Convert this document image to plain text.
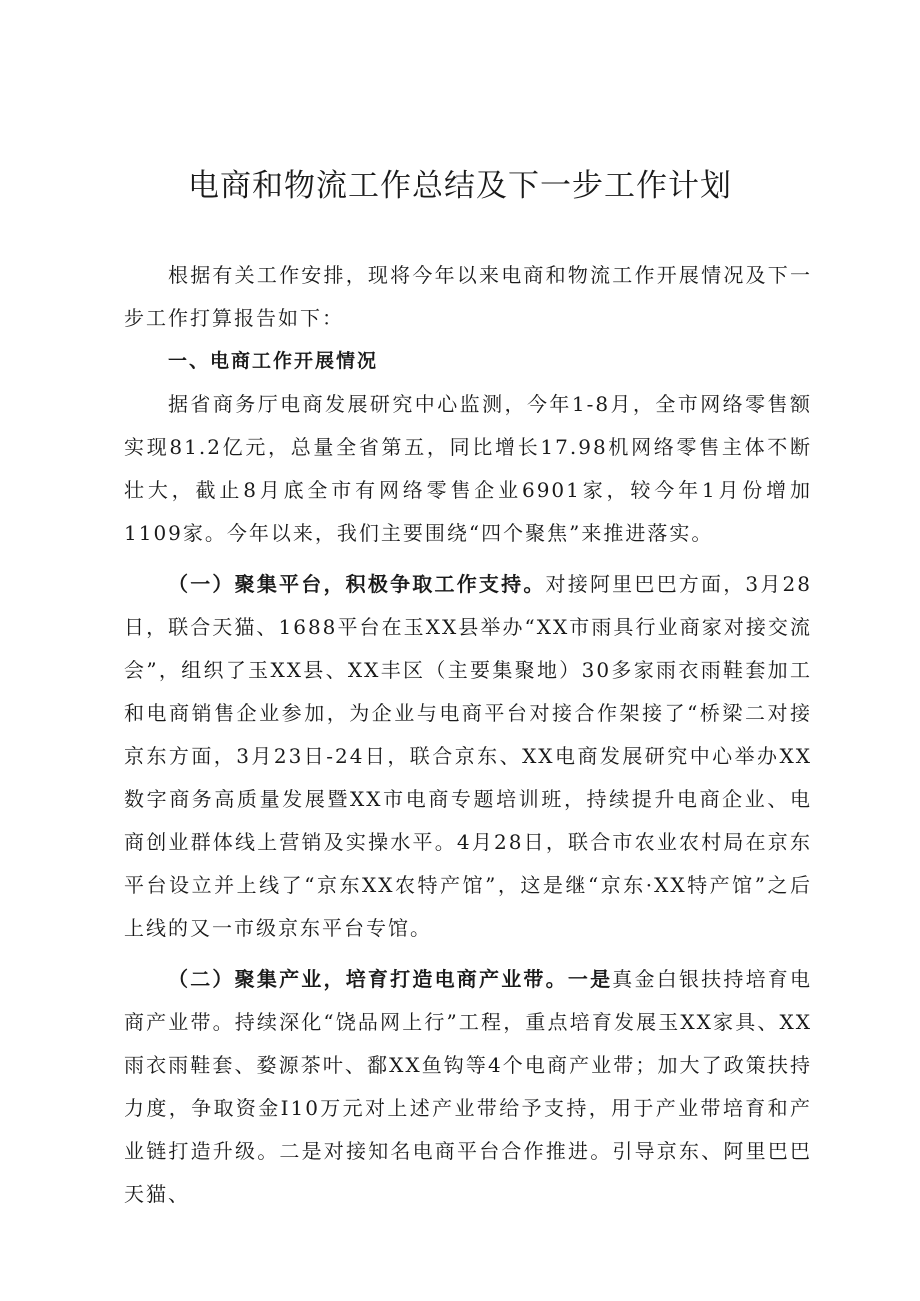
电商和物流工作总结及下一步工作计划

根据有关工作安排，现将今年以来电商和物流工作开展情况及下一步工作打算报告如下：

一、电商工作开展情况

据省商务厅电商发展研究中心监测，今年1-8月，全市网络零售额实现81.2亿元，总量全省第五，同比增长17.98机网络零售主体不断壮大，截止8月底全市有网络零售企业6901家，较今年1月份增加1109家。今年以来，我们主要围绕“四个聚焦”来推进落实。

（一）聚集平台，积极争取工作支持。对接阿里巴巴方面，3月28日，联合天猫、1688平台在玉XX县举办“XX市雨具行业商家对接交流会”，组织了玉XX县、XX丰区（主要集聚地）30多家雨衣雨鞋套加工和电商销售企业参加，为企业与电商平台对接合作架接了“桥梁二对接京东方面，3月23日-24日，联合京东、XX电商发展研究中心举办XX数字商务高质量发展暨XX市电商专题培训班，持续提升电商企业、电商创业群体线上营销及实操水平。4月28日，联合市农业农村局在京东平台设立并上线了“京东XX农特产馆”，这是继“京东·XX特产馆”之后上线的又一市级京东平台专馆。

（二）聚集产业，培育打造电商产业带。一是真金白银扶持培育电商产业带。持续深化“饶品网上行”工程，重点培育发展玉XX家具、XX雨衣雨鞋套、婺源茶叶、鄱XX鱼钩等4个电商产业带；加大了政策扶持力度，争取资金I10万元对上述产业带给予支持，用于产业带培育和产业链打造升级。二是对接知名电商平台合作推进。引导京东、阿里巴巴天猫、
